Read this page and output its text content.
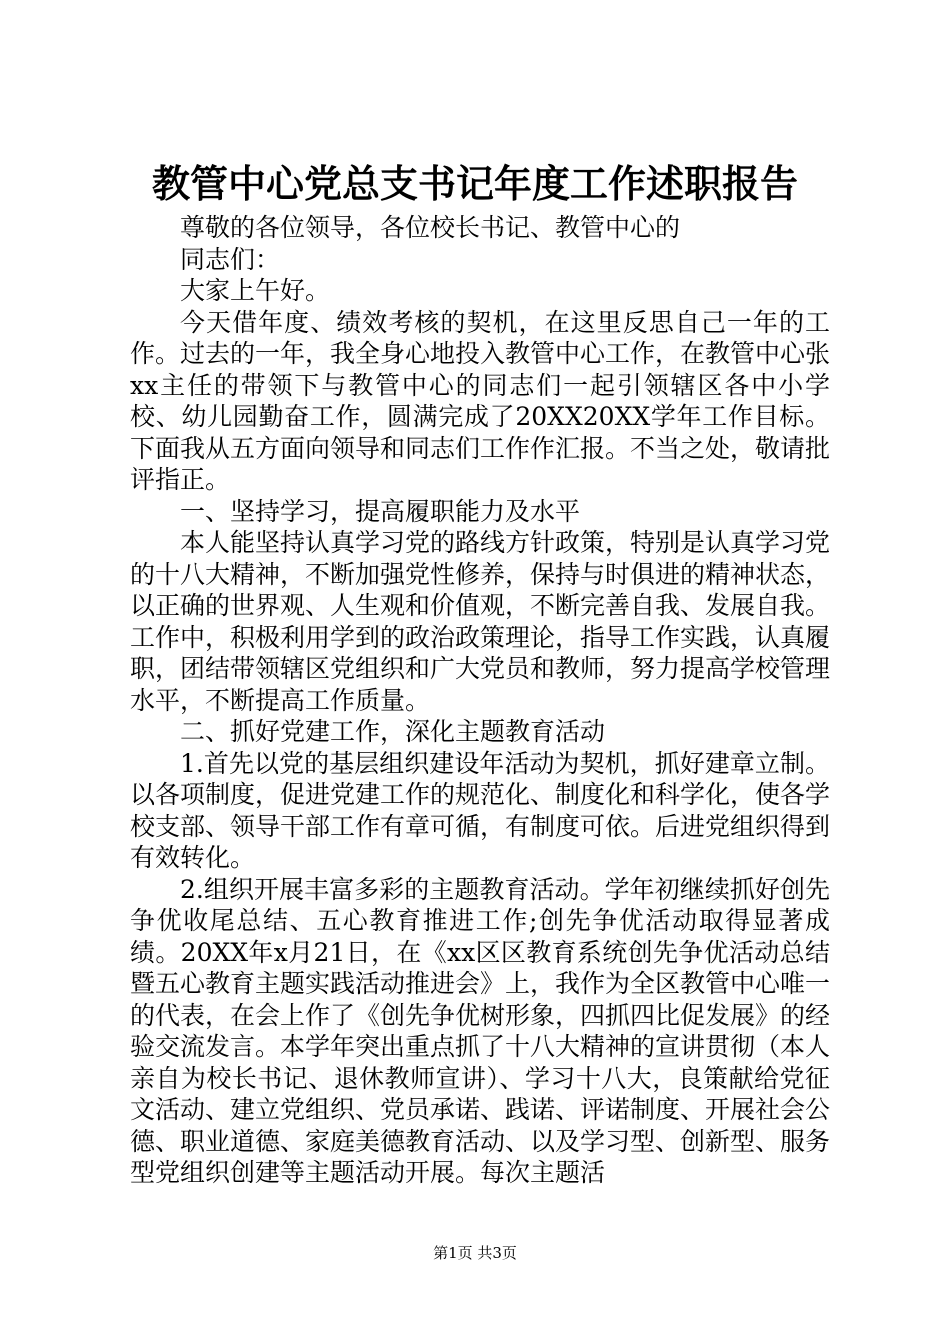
教管中心党总支书记年度工作述职报告

尊敬的各位领导，各位校长书记、教管中心的

同志们：

大家上午好。

今天借年度、绩效考核的契机，在这里反思自己一年的工作。过去的一年，我全身心地投入教管中心工作，在教管中心张xx主任的带领下与教管中心的同志们一起引领辖区各中小学校、幼儿园勤奋工作，圆满完成了20XX20XX学年工作目标。下面我从五方面向领导和同志们工作作汇报。不当之处，敬请批评指正。

一、坚持学习，提高履职能力及水平

本人能坚持认真学习党的路线方针政策，特别是认真学习党的十八大精神，不断加强党性修养，保持与时俱进的精神状态，以正确的世界观、人生观和价值观，不断完善自我、发展自我。工作中，积极利用学到的政治政策理论，指导工作实践，认真履职，团结带领辖区党组织和广大党员和教师，努力提高学校管理水平，不断提高工作质量。

二、抓好党建工作，深化主题教育活动

1.首先以党的基层组织建设年活动为契机，抓好建章立制。以各项制度，促进党建工作的规范化、制度化和科学化，使各学校支部、领导干部工作有章可循，有制度可依。后进党组织得到有效转化。

2.组织开展丰富多彩的主题教育活动。学年初继续抓好创先争优收尾总结、五心教育推进工作;创先争优活动取得显著成绩。20XX年x月21日，在《xx区区教育系统创先争优活动总结暨五心教育主题实践活动推进会》上，我作为全区教管中心唯一的代表，在会上作了《创先争优树形象，四抓四比促发展》的经验交流发言。本学年突出重点抓了十八大精神的宣讲贯彻（本人亲自为校长书记、退休教师宣讲）、学习十八大，良策献给党征文活动、建立党组织、党员承诺、践诺、评诺制度、开展社会公德、职业道德、家庭美德教育活动、以及学习型、创新型、服务型党组织创建等主题活动开展。每次主题活

第1页 共3页
